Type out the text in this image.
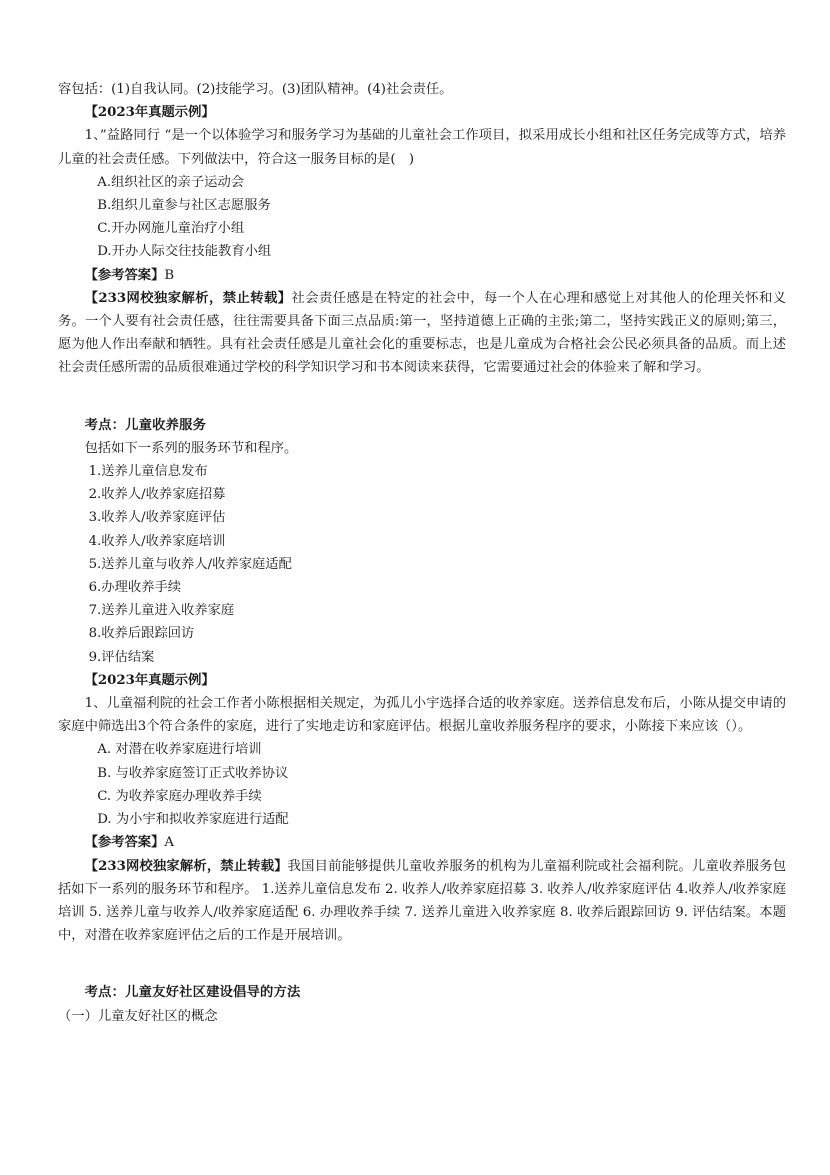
容包括：(1)自我认同。(2)技能学习。(3)团队精神。(4)社会责任。

【2023年真题示例】

1、”益路同行 “是一个以体验学习和服务学习为基础的儿童社会工作项目，拟采用成长小组和社区任务完成等方式，培养儿童的社会责任感。下列做法中，符合这一服务目标的是(　)

A.组织社区的亲子运动会

B.组织儿童参与社区志愿服务

C.开办网施儿童治疗小组

D.开办人际交往技能教育小组

【参考答案】B

【233网校独家解析，禁止转载】社会责任感是在特定的社会中，每一个人在心理和感觉上对其他人的伦理关怀和义务。一个人要有社会责任感，往往需要具备下面三点品质:第一，坚持道德上正确的主张;第二，坚持实践正义的原则;第三，愿为他人作出奉献和牺牲。具有社会责任感是儿童社会化的重要标志，也是儿童成为合格社会公民必须具备的品质。而上述社会责任感所需的品质很难通过学校的科学知识学习和书本阅读来获得，它需要通过社会的体验来了解和学习。

考点：儿童收养服务

包括如下一系列的服务环节和程序。

1.送养儿童信息发布

2.收养人/收养家庭招募

3.收养人/收养家庭评估

4.收养人/收养家庭培训

5.送养儿童与收养人/收养家庭适配

6.办理收养手续

7.送养儿童进入收养家庭

8.收养后跟踪回访

9.评估结案

【2023年真题示例】

1、儿童福利院的社会工作者小陈根据相关规定，为孤儿小宇选择合适的收养家庭。送养信息发布后，小陈从提交申请的家庭中筛选出3个符合条件的家庭，进行了实地走访和家庭评估。根据儿童收养服务程序的要求，小陈接下来应该（）。

A. 对潜在收养家庭进行培训

B. 与收养家庭签订正式收养协议

C. 为收养家庭办理收养手续

D. 为小宇和拟收养家庭进行适配

【参考答案】A

【233网校独家解析，禁止转载】我国目前能够提供儿童收养服务的机构为儿童福利院或社会福利院。儿童收养服务包括如下一系列的服务环节和程序。 1.送养儿童信息发布 2. 收养人/收养家庭招募 3. 收养人/收养家庭评估 4.收养人/收养家庭培训 5. 送养儿童与收养人/收养家庭适配 6. 办理收养手续 7. 送养儿童进入收养家庭 8. 收养后跟踪回访 9. 评估结案。本题中，对潜在收养家庭评估之后的工作是开展培训。

考点：儿童友好社区建设倡导的方法

（一）儿童友好社区的概念
